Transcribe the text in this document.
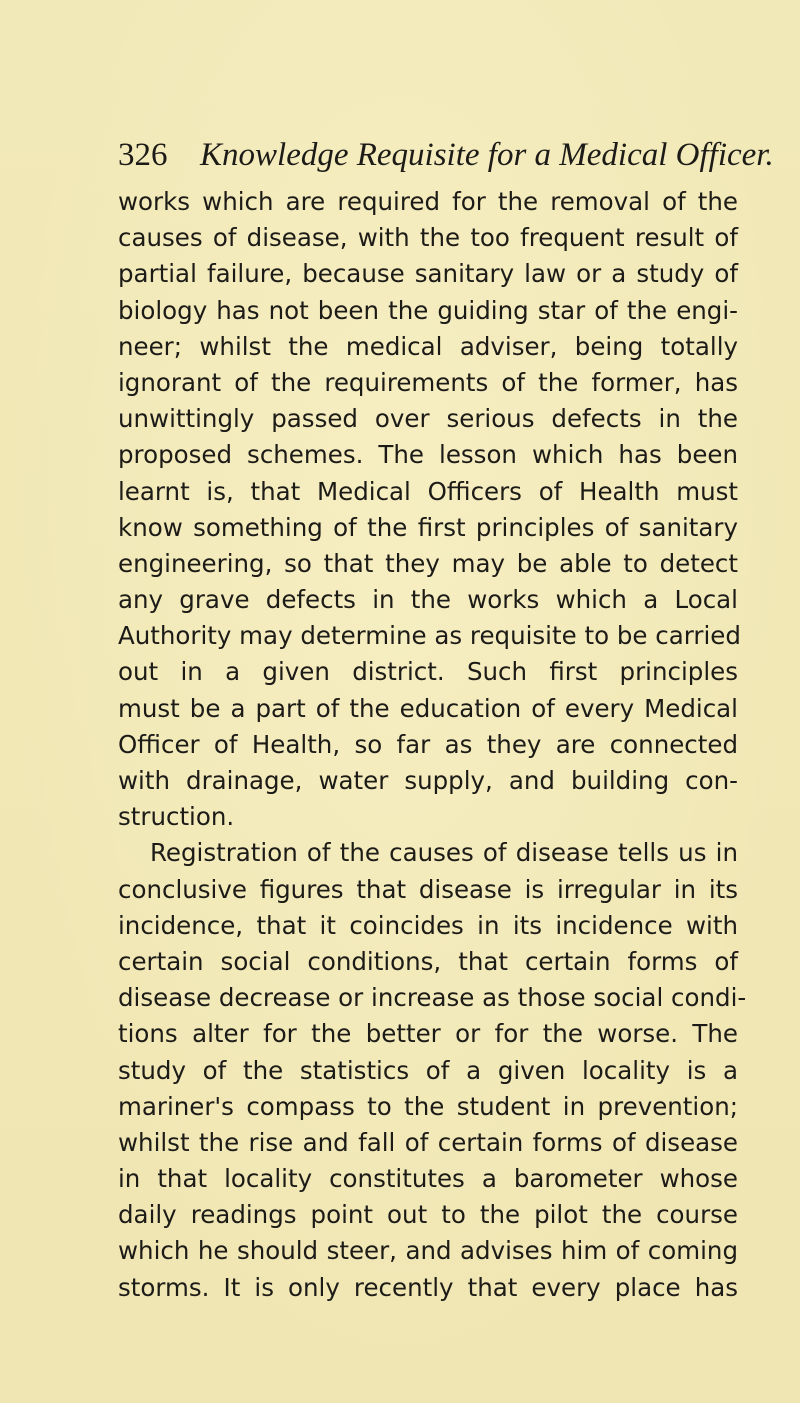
326 Knowledge Requisite for a Medical Officer.
works which are required for the removal of the
causes of disease, with the too frequent result of
partial failure, because sanitary law or a study of
biology has not been the guiding star of the engi-
neer; whilst the medical adviser, being totally
ignorant of the requirements of the former, has
unwittingly passed over serious defects in the
proposed schemes. The lesson which has been
learnt is, that Medical Officers of Health must
know something of the first principles of sanitary
engineering, so that they may be able to detect
any grave defects in the works which a Local
Authority may determine as requisite to be carried
out in a given district. Such first principles
must be a part of the education of every Medical
Officer of Health, so far as they are connected
with drainage, water supply, and building con-
struction.
Registration of the causes of disease tells us in
conclusive figures that disease is irregular in its
incidence, that it coincides in its incidence with
certain social conditions, that certain forms of
disease decrease or increase as those social condi-
tions alter for the better or for the worse. The
study of the statistics of a given locality is a
mariner's compass to the student in prevention;
whilst the rise and fall of certain forms of disease
in that locality constitutes a barometer whose
daily readings point out to the pilot the course
which he should steer, and advises him of coming
storms. It is only recently that every place has
